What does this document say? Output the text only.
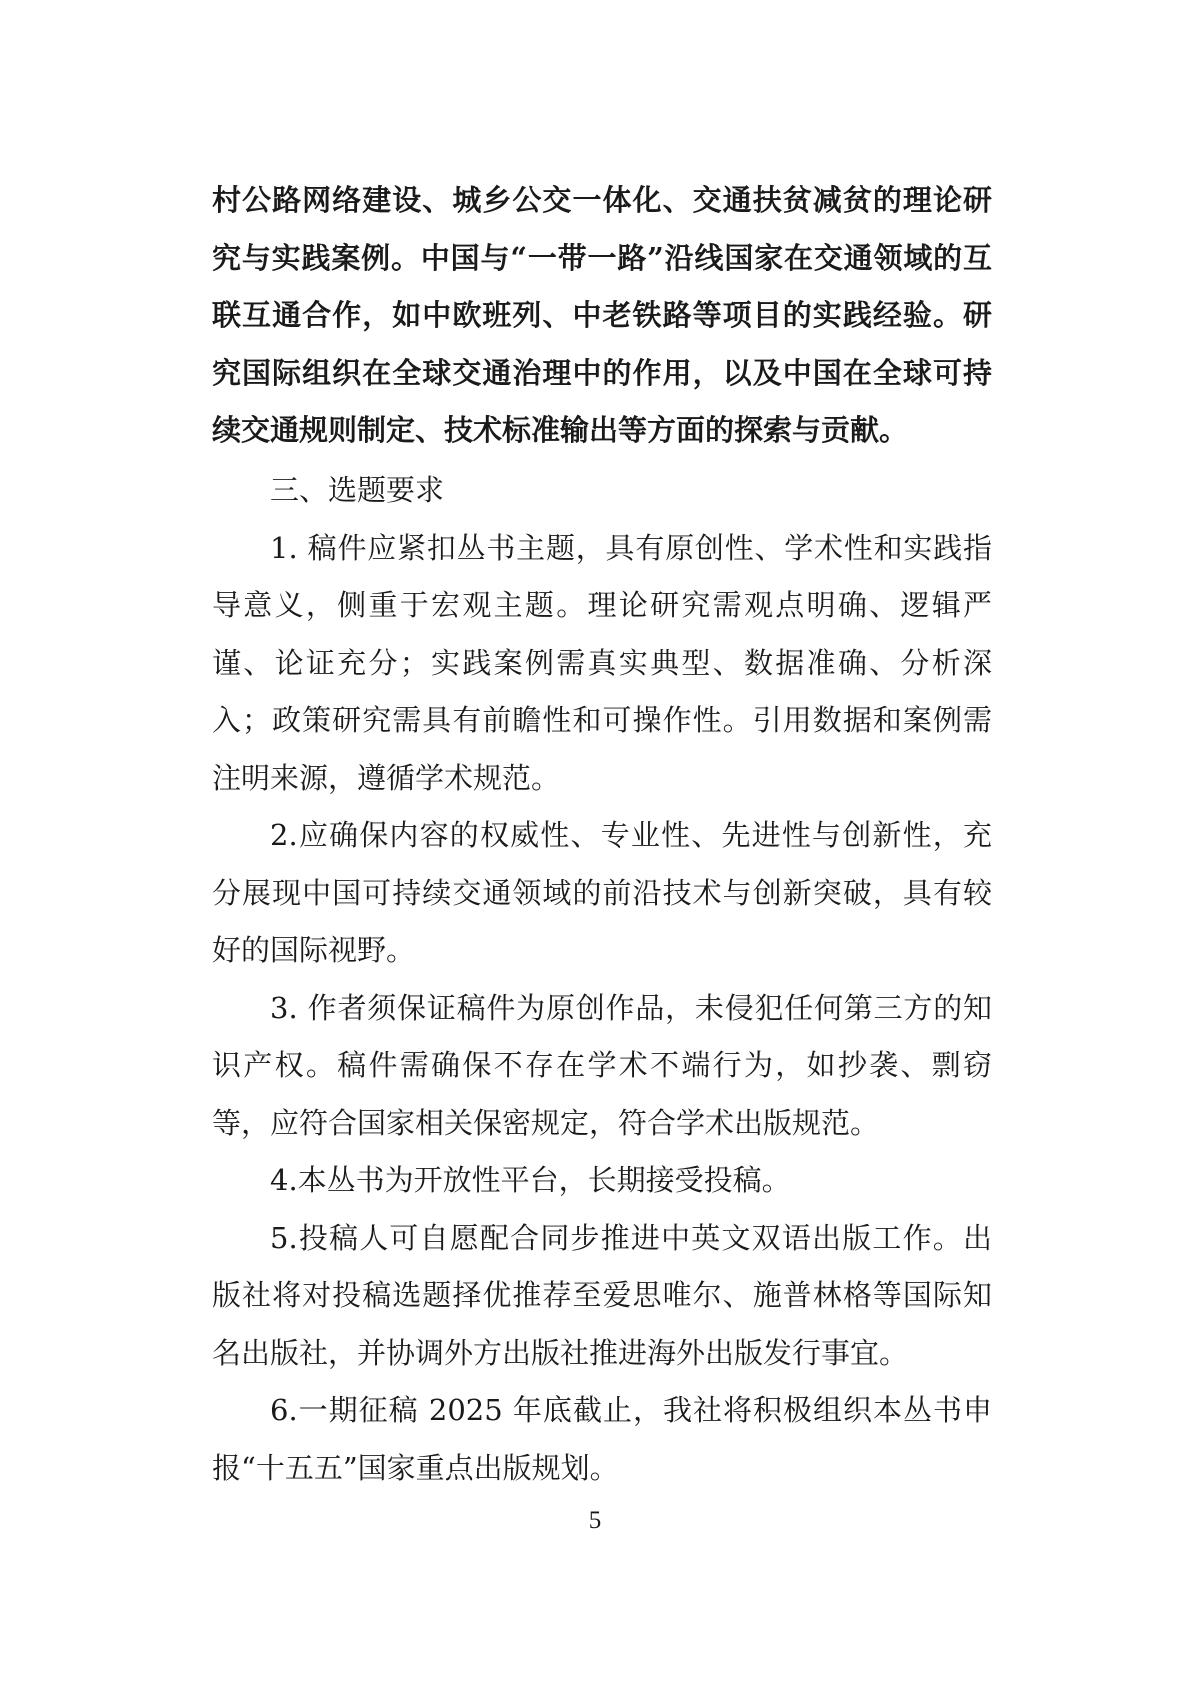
村公路网络建设、城乡公交一体化、交通扶贫减贫的理论研究与实践案例。中国与“一带一路”沿线国家在交通领域的互联互通合作，如中欧班列、中老铁路等项目的实践经验。研究国际组织在全球交通治理中的作用，以及中国在全球可持续交通规则制定、技术标准输出等方面的探索与贡献。

三、选题要求

1. 稿件应紧扣丛书主题，具有原创性、学术性和实践指导意义，侧重于宏观主题。理论研究需观点明确、逻辑严谨、论证充分；实践案例需真实典型、数据准确、分析深入；政策研究需具有前瞻性和可操作性。引用数据和案例需注明来源，遵循学术规范。

2.应确保内容的权威性、专业性、先进性与创新性，充分展现中国可持续交通领域的前沿技术与创新突破，具有较好的国际视野。

3. 作者须保证稿件为原创作品，未侵犯任何第三方的知识产权。稿件需确保不存在学术不端行为，如抄袭、剽窃等，应符合国家相关保密规定，符合学术出版规范。

4.本丛书为开放性平台，长期接受投稿。

5.投稿人可自愿配合同步推进中英文双语出版工作。出版社将对投稿选题择优推荐至爱思唯尔、施普林格等国际知名出版社，并协调外方出版社推进海外出版发行事宜。

6.一期征稿 2025 年底截止，我社将积极组织本丛书申报“十五五”国家重点出版规划。

5
